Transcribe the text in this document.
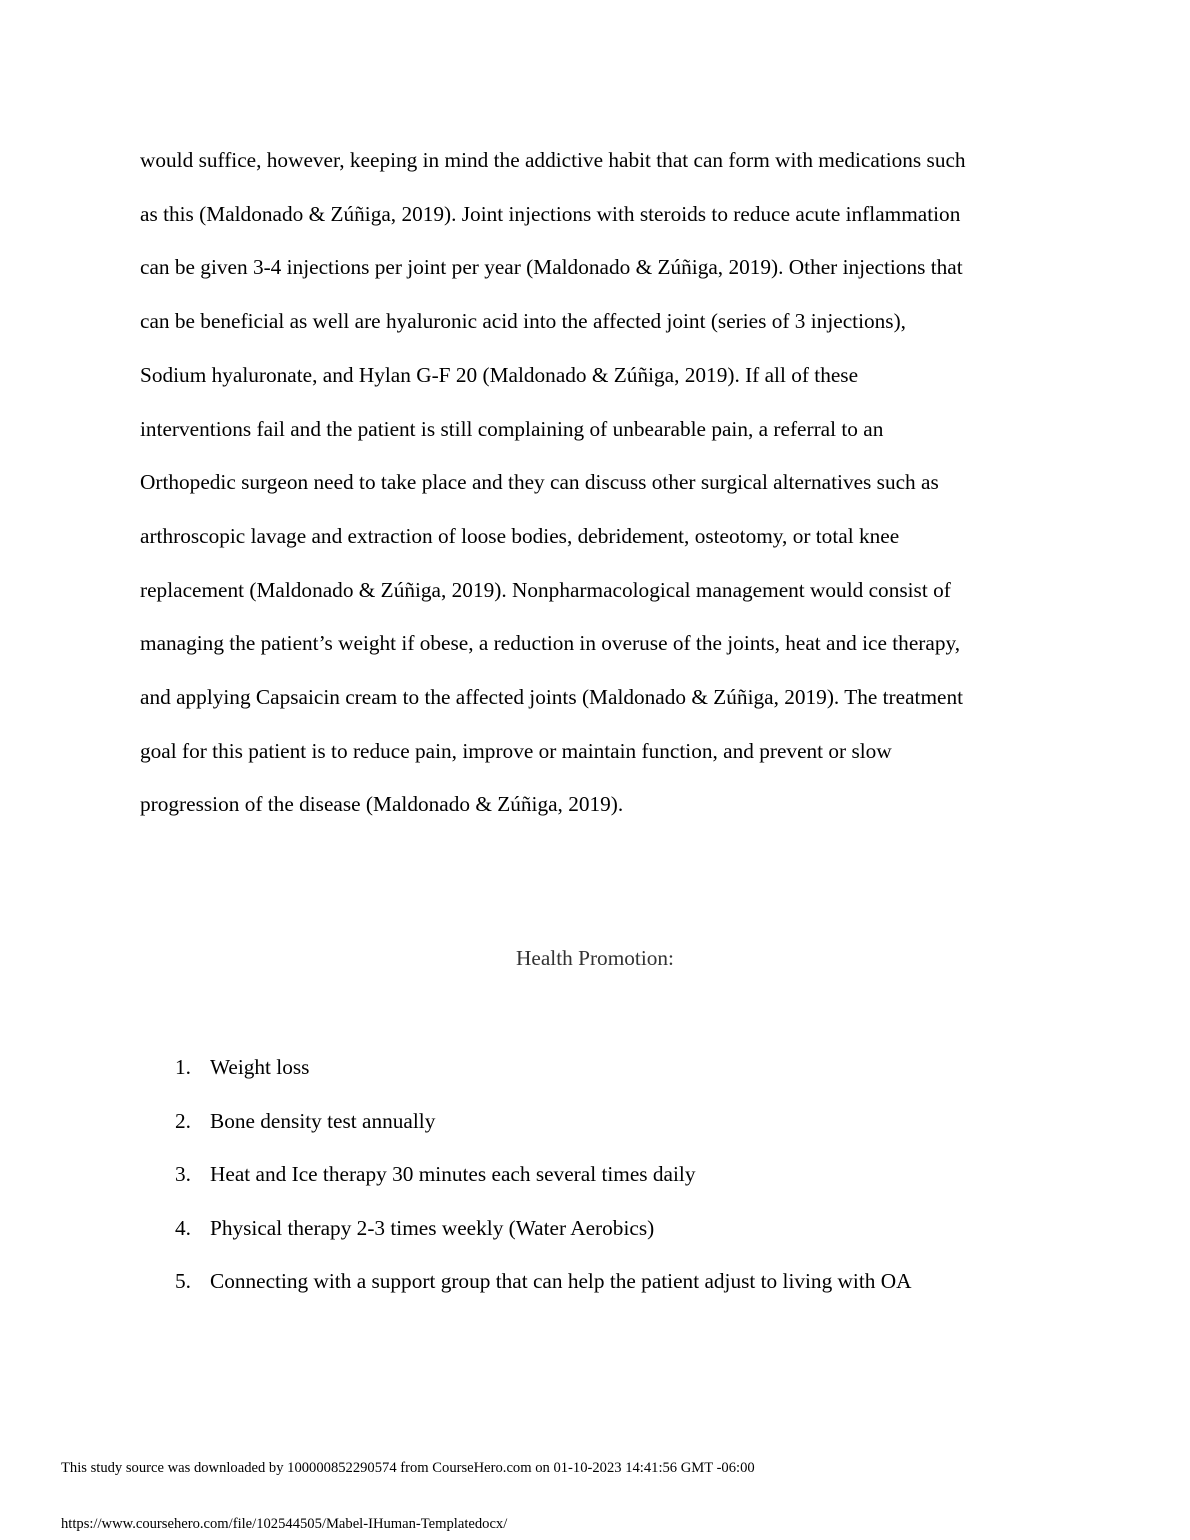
would suffice, however, keeping in mind the addictive habit that can form with medications such
as this (Maldonado & Zúñiga, 2019). Joint injections with steroids to reduce acute inflammation
can be given 3-4 injections per joint per year (Maldonado & Zúñiga, 2019). Other injections that
can be beneficial as well are hyaluronic acid into the affected joint (series of 3 injections),
Sodium hyaluronate, and Hylan G-F 20 (Maldonado & Zúñiga, 2019). If all of these
interventions fail and the patient is still complaining of unbearable pain, a referral to an
Orthopedic surgeon need to take place and they can discuss other surgical alternatives such as
arthroscopic lavage and extraction of loose bodies, debridement, osteotomy, or total knee
replacement (Maldonado & Zúñiga, 2019). Nonpharmacological management would consist of
managing the patient’s weight if obese, a reduction in overuse of the joints, heat and ice therapy,
and applying Capsaicin cream to the affected joints (Maldonado & Zúñiga, 2019). The treatment
goal for this patient is to reduce pain, improve or maintain function, and prevent or slow
progression of the disease (Maldonado & Zúñiga, 2019).

Health Promotion:
1. Weight loss
2. Bone density test annually
3. Heat and Ice therapy 30 minutes each several times daily
4. Physical therapy 2-3 times weekly (Water Aerobics)
5. Connecting with a support group that can help the patient adjust to living with OA
This study source was downloaded by 100000852290574 from CourseHero.com on 01-10-2023 14:41:56 GMT -06:00
https://www.coursehero.com/file/102544505/Mabel-IHuman-Templatedocx/
